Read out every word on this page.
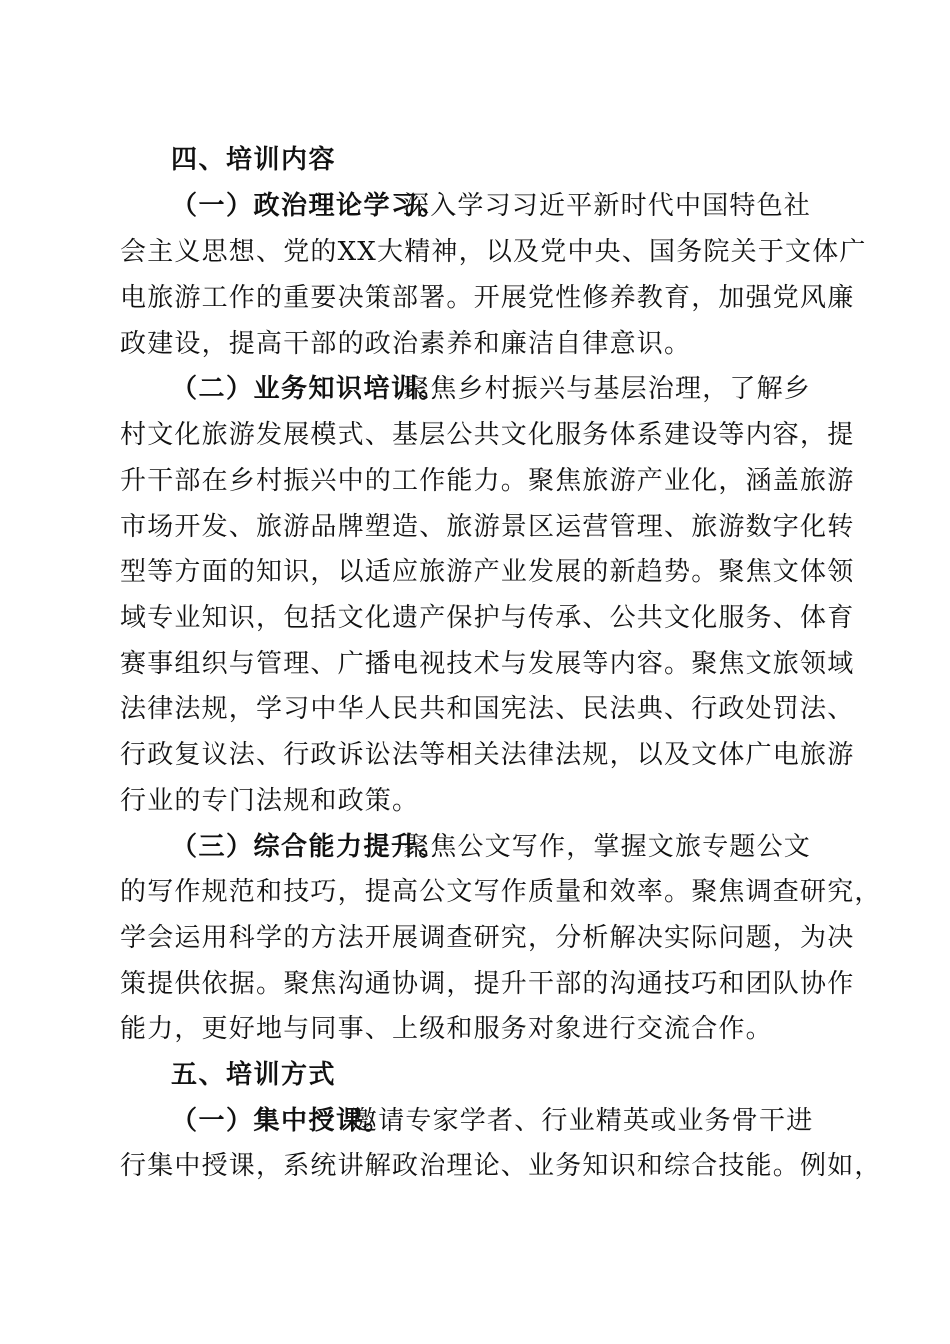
四、培训内容

（一）政治理论学习。

深入学习习近平新时代中国特色社

会主义思想、党的XX大精神，以及党中央、国务院关于文体广

电旅游工作的重要决策部署。开展党性修养教育，加强党风廉

政建设，提高干部的政治素养和廉洁自律意识。

（二）业务知识培训。

聚焦乡村振兴与基层治理，了解乡

村文化旅游发展模式、基层公共文化服务体系建设等内容，提

升干部在乡村振兴中的工作能力。聚焦旅游产业化，涵盖旅游

市场开发、旅游品牌塑造、旅游景区运营管理、旅游数字化转

型等方面的知识，以适应旅游产业发展的新趋势。聚焦文体领

域专业知识，包括文化遗产保护与传承、公共文化服务、体育

赛事组织与管理、广播电视技术与发展等内容。聚焦文旅领域

法律法规，学习中华人民共和国宪法、民法典、行政处罚法、

行政复议法、行政诉讼法等相关法律法规，以及文体广电旅游

行业的专门法规和政策。

（三）综合能力提升。

聚焦公文写作，掌握文旅专题公文

的写作规范和技巧，提高公文写作质量和效率。聚焦调查研究，

学会运用科学的方法开展调查研究，分析解决实际问题，为决

策提供依据。聚焦沟通协调，提升干部的沟通技巧和团队协作

能力，更好地与同事、上级和服务对象进行交流合作。

五、培训方式

（一）集中授课。

邀请专家学者、行业精英或业务骨干进

行集中授课，系统讲解政治理论、业务知识和综合技能。例如，
